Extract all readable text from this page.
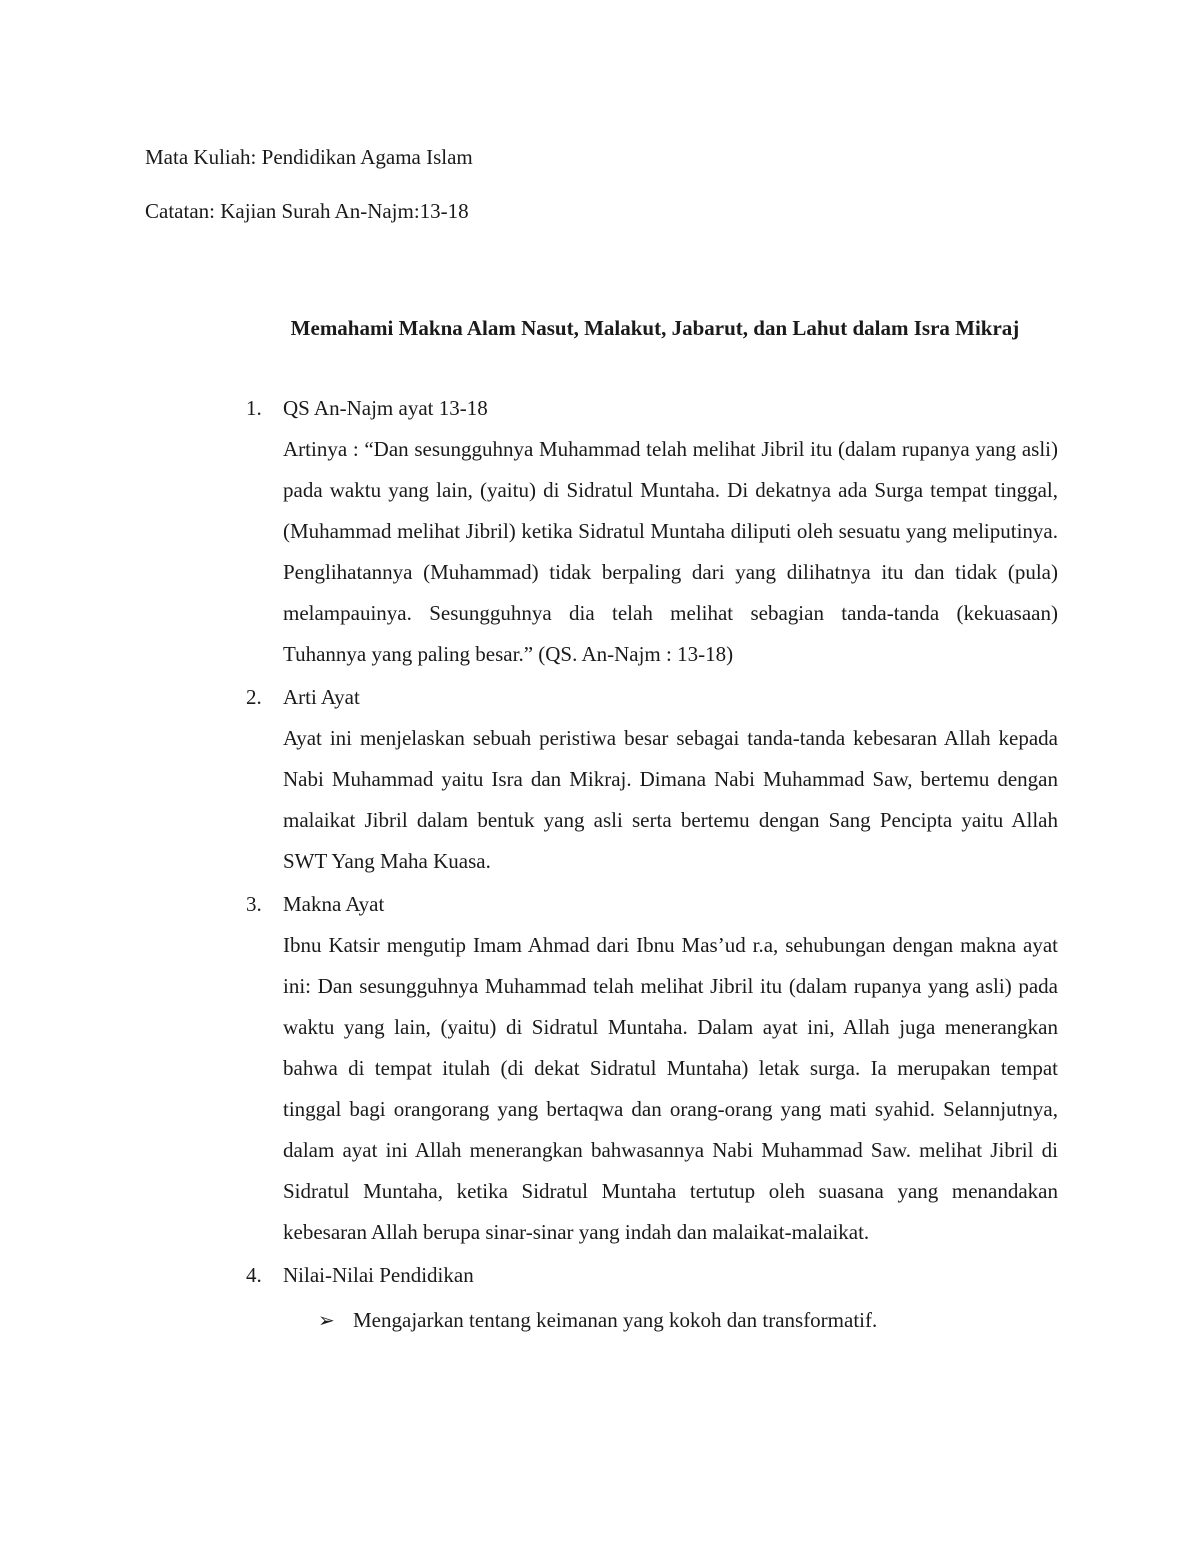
Mata Kuliah: Pendidikan Agama Islam
Catatan: Kajian Surah An-Najm:13-18
Memahami Makna Alam Nasut, Malakut, Jabarut, dan Lahut dalam Isra Mikraj
1. QS An-Najm ayat 13-18
Artinya : “Dan sesungguhnya Muhammad telah melihat Jibril itu (dalam rupanya yang asli) pada waktu yang lain, (yaitu) di Sidratul Muntaha. Di dekatnya ada Surga tempat tinggal, (Muhammad melihat Jibril) ketika Sidratul Muntaha diliputi oleh sesuatu yang meliputinya. Penglihatannya (Muhammad) tidak berpaling dari yang dilihatnya itu dan tidak (pula) melampauinya. Sesungguhnya dia telah melihat sebagian tanda-tanda (kekuasaan) Tuhannya yang paling besar.” (QS. An-Najm : 13-18)
2. Arti Ayat
Ayat ini menjelaskan sebuah peristiwa besar sebagai tanda-tanda kebesaran Allah kepada Nabi Muhammad yaitu Isra dan Mikraj. Dimana Nabi Muhammad Saw, bertemu dengan malaikat Jibril dalam bentuk yang asli serta bertemu dengan Sang Pencipta yaitu Allah SWT Yang Maha Kuasa.
3. Makna Ayat
Ibnu Katsir mengutip Imam Ahmad dari Ibnu Mas’ud r.a, sehubungan dengan makna ayat ini: Dan sesungguhnya Muhammad telah melihat Jibril itu (dalam rupanya yang asli) pada waktu yang lain, (yaitu) di Sidratul Muntaha. Dalam ayat ini, Allah juga menerangkan bahwa di tempat itulah (di dekat Sidratul Muntaha) letak surga. Ia merupakan tempat tinggal bagi orangorang yang bertaqwa dan orang-orang yang mati syahid. Selannjutnya, dalam ayat ini Allah menerangkan bahwasannya Nabi Muhammad Saw. melihat Jibril di Sidratul Muntaha, ketika Sidratul Muntaha tertutup oleh suasana yang menandakan kebesaran Allah berupa sinar-sinar yang indah dan malaikat-malaikat.
4. Nilai-Nilai Pendidikan
➢ Mengajarkan tentang keimanan yang kokoh dan transformatif.
